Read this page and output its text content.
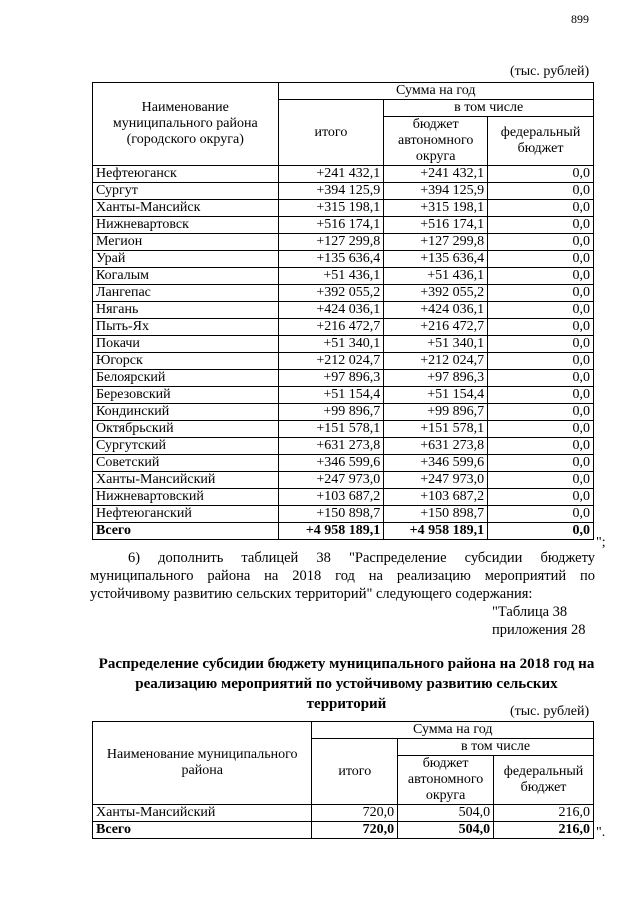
899
(тыс. рублей)
Наименование муниципального района (городского округа)	Сумма на год		
	итого	в том числе	
		бюджет автономного округа	федеральный бюджет
Нефтеюганск	+241 432,1	+241 432,1	0,0
Сургут	+394 125,9	+394 125,9	0,0
Ханты-Мансийск	+315 198,1	+315 198,1	0,0
Нижневартовск	+516 174,1	+516 174,1	0,0
Мегион	+127 299,8	+127 299,8	0,0
Урай	+135 636,4	+135 636,4	0,0
Когалым	+51 436,1	+51 436,1	0,0
Лангепас	+392 055,2	+392 055,2	0,0
Нягань	+424 036,1	+424 036,1	0,0
Пыть-Ях	+216 472,7	+216 472,7	0,0
Покачи	+51 340,1	+51 340,1	0,0
Югорск	+212 024,7	+212 024,7	0,0
Белоярский	+97 896,3	+97 896,3	0,0
Березовский	+51 154,4	+51 154,4	0,0
Кондинский	+99 896,7	+99 896,7	0,0
Октябрьский	+151 578,1	+151 578,1	0,0
Сургутский	+631 273,8	+631 273,8	0,0
Советский	+346 599,6	+346 599,6	0,0
Ханты-Мансийский	+247 973,0	+247 973,0	0,0
Нижневартовский	+103 687,2	+103 687,2	0,0
Нефтеюганский	+150 898,7	+150 898,7	0,0
Всего	+4 958 189,1	+4 958 189,1	0,0
";
6) дополнить таблицей 38 "Распределение субсидии бюджету
муниципального района на 2018 год на реализацию мероприятий по
устойчивому развитию сельских территорий" следующего содержания:
"Таблица 38
приложения 28
Распределение субсидии бюджету муниципального района на 2018 год на
реализацию мероприятий по устойчивому развитию сельских территорий	(тыс. рублей)
Наименование муниципального района	Сумма на год		
	итого	в том числе	
		бюджет автономного округа	федеральный бюджет
Ханты-Мансийский	720,0	504,0	216,0
Всего	720,0	504,0	216,0 ".
